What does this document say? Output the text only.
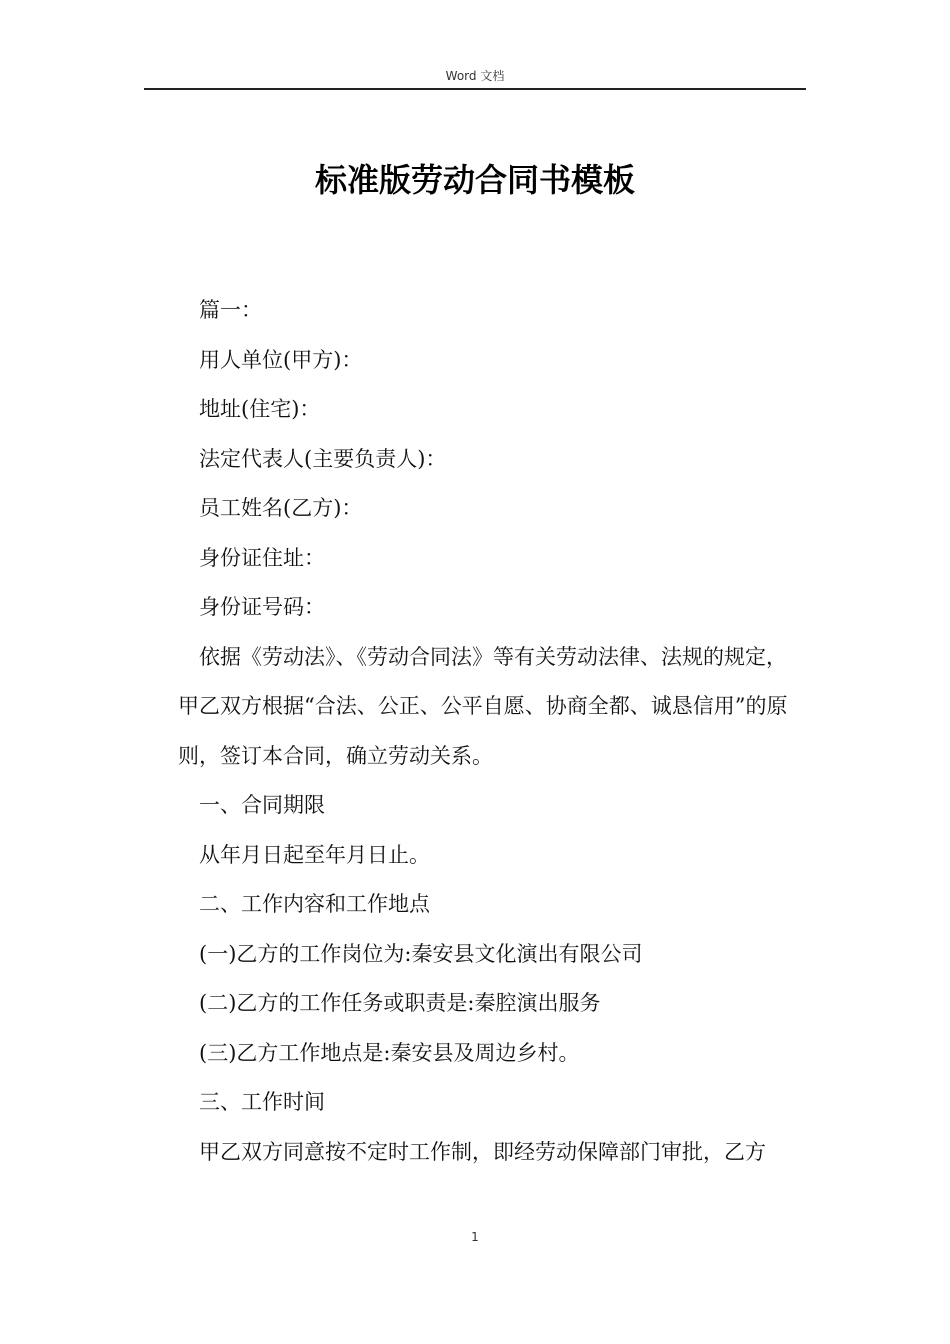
Word 文档
标准版劳动合同书模板

篇一：

用人单位(甲方)：

地址(住宅)：

法定代表人(主要负责人)：

员工姓名(乙方)：

身份证住址：

身份证号码：

依据《劳动法》、《劳动合同法》等有关劳动法律、法规的规定，甲乙双方根据“合法、公正、公平自愿、协商全都、诚恳信用”的原则，签订本合同，确立劳动关系。

一、合同期限

从年月日起至年月日止。

二、工作内容和工作地点

(一)乙方的工作岗位为:秦安县文化演出有限公司

(二)乙方的工作任务或职责是:秦腔演出服务

(三)乙方工作地点是:秦安县及周边乡村。

三、工作时间

甲乙双方同意按不定时工作制，即经劳动保障部门审批，乙方

1
